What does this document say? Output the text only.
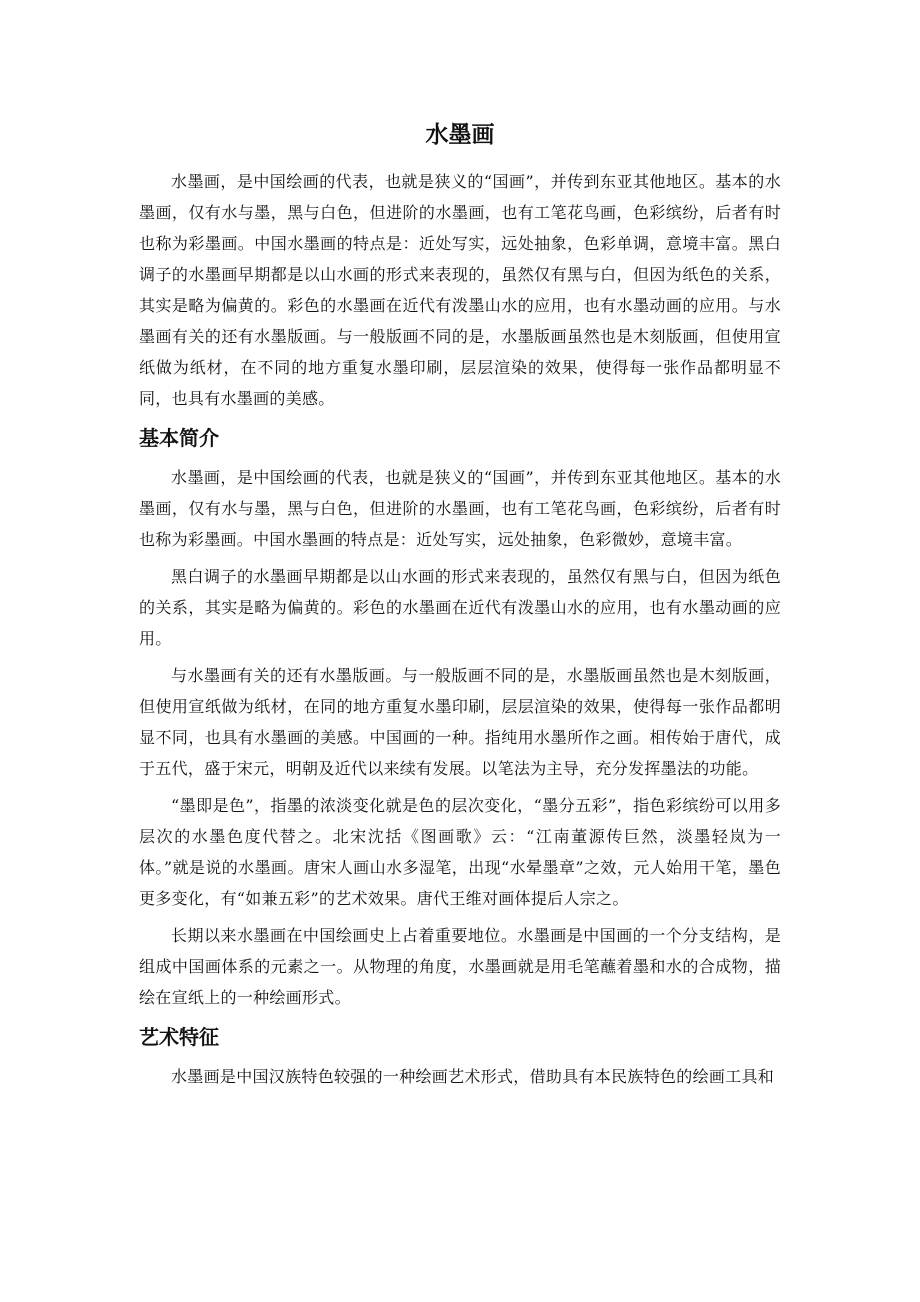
水墨画

水墨画，是中国绘画的代表，也就是狭义的“国画”，并传到东亚其他地区。基本的水墨画，仅有水与墨，黑与白色，但进阶的水墨画，也有工笔花鸟画，色彩缤纷，后者有时也称为彩墨画。中国水墨画的特点是：近处写实，远处抽象，色彩单调，意境丰富。黑白调子的水墨画早期都是以山水画的形式来表现的，虽然仅有黑与白，但因为纸色的关系，其实是略为偏黄的。彩色的水墨画在近代有泼墨山水的应用，也有水墨动画的应用。与水墨画有关的还有水墨版画。与一般版画不同的是，水墨版画虽然也是木刻版画，但使用宣纸做为纸材，在不同的地方重复水墨印刷，层层渲染的效果，使得每一张作品都明显不同，也具有水墨画的美感。

基本简介

水墨画，是中国绘画的代表，也就是狭义的“国画”，并传到东亚其他地区。基本的水墨画，仅有水与墨，黑与白色，但进阶的水墨画，也有工笔花鸟画，色彩缤纷，后者有时也称为彩墨画。中国水墨画的特点是：近处写实，远处抽象，色彩微妙，意境丰富。

黑白调子的水墨画早期都是以山水画的形式来表现的，虽然仅有黑与白，但因为纸色的关系，其实是略为偏黄的。彩色的水墨画在近代有泼墨山水的应用，也有水墨动画的应用。

与水墨画有关的还有水墨版画。与一般版画不同的是，水墨版画虽然也是木刻版画，但使用宣纸做为纸材，在同的地方重复水墨印刷，层层渲染的效果，使得每一张作品都明显不同，也具有水墨画的美感。中国画的一种。指纯用水墨所作之画。相传始于唐代，成于五代，盛于宋元，明朝及近代以来续有发展。以笔法为主导，充分发挥墨法的功能。

“墨即是色”，指墨的浓淡变化就是色的层次变化，“墨分五彩”，指色彩缤纷可以用多层次的水墨色度代替之。北宋沈括《图画歌》云：“江南董源传巨然，淡墨轻岚为一体。”就是说的水墨画。唐宋人画山水多湿笔，出现“水晕墨章”之效，元人始用干笔，墨色更多变化，有“如兼五彩”的艺术效果。唐代王维对画体提后人宗之。

长期以来水墨画在中国绘画史上占着重要地位。水墨画是中国画的一个分支结构，是组成中国画体系的元素之一。从物理的角度，水墨画就是用毛笔蘸着墨和水的合成物，描绘在宣纸上的一种绘画形式。

艺术特征

水墨画是中国汉族特色较强的一种绘画艺术形式，借助具有本民族特色的绘画工具和
